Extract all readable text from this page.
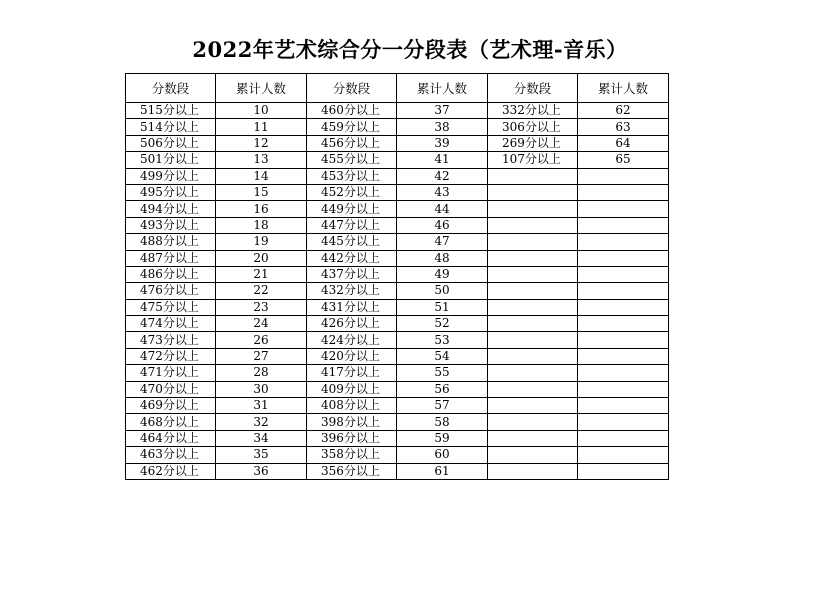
2022年艺术综合分一分段表（艺术理-音乐）
分数段	累计人数	分数段	累计人数	分数段	累计人数
515分以上	10	460分以上	37	332分以上	62
514分以上	11	459分以上	38	306分以上	63
506分以上	12	456分以上	39	269分以上	64
501分以上	13	455分以上	41	107分以上	65
499分以上	14	453分以上	42		
495分以上	15	452分以上	43		
494分以上	16	449分以上	44		
493分以上	18	447分以上	46		
488分以上	19	445分以上	47		
487分以上	20	442分以上	48		
486分以上	21	437分以上	49		
476分以上	22	432分以上	50		
475分以上	23	431分以上	51		
474分以上	24	426分以上	52		
473分以上	26	424分以上	53		
472分以上	27	420分以上	54		
471分以上	28	417分以上	55		
470分以上	30	409分以上	56		
469分以上	31	408分以上	57		
468分以上	32	398分以上	58		
464分以上	34	396分以上	59		
463分以上	35	358分以上	60		
462分以上	36	356分以上	61		
